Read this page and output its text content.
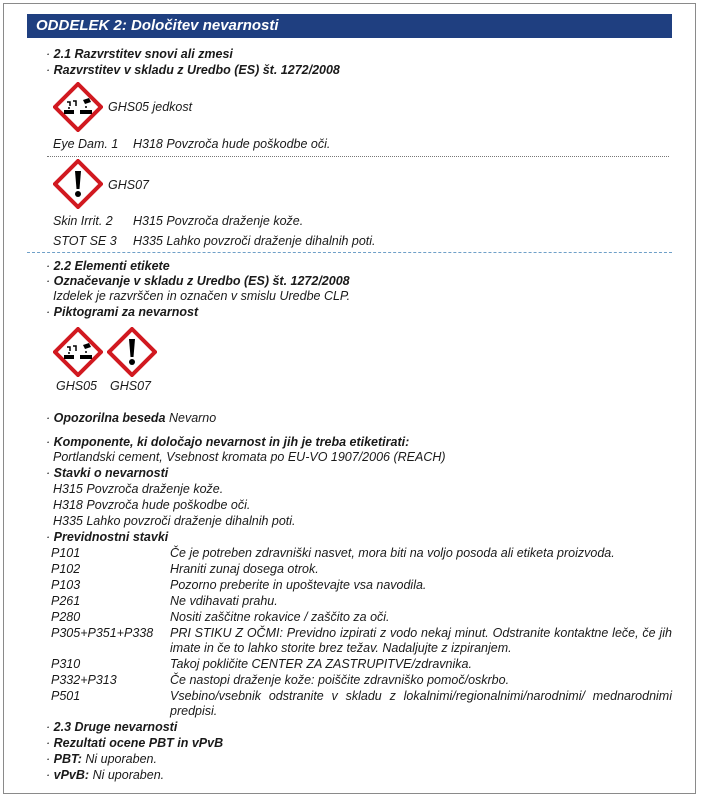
ODDELEK 2: Določitev nevarnosti
· 2.1 Razvrstitev snovi ali zmesi
· Razvrstitev v skladu z Uredbo (ES) št. 1272/2008
GHS05 jedkost
Eye Dam. 1 H318 Povzroča hude poškodbe oči.
GHS07
Skin Irrit. 2 H315 Povzroča draženje kože.
STOT SE 3 H335 Lahko povzroči draženje dihalnih poti.
· 2.2 Elementi etikete
· Označevanje v skladu z Uredbo (ES) št. 1272/2008
Izdelek je razvrščen in označen v smislu Uredbe CLP.
· Piktogrami za nevarnost
GHS05 GHS07
· Opozorilna beseda Nevarno
· Komponente, ki določajo nevarnost in jih je treba etiketirati:
Portlandski cement, Vsebnost kromata po EU-VO 1907/2006 (REACH)
· Stavki o nevarnosti
H315 Povzroča draženje kože.
H318 Povzroča hude poškodbe oči.
H335 Lahko povzroči draženje dihalnih poti.
· Previdnostni stavki
P101	Če je potreben zdravniški nasvet, mora biti na voljo posoda ali etiketa proizvoda.
P102	Hraniti zunaj dosega otrok.
P103	Pozorno preberite in upoštevajte vsa navodila.
P261	Ne vdihavati prahu.
P280	Nositi zaščitne rokavice / zaščito za oči.
P305+P351+P338 PRI STIKU Z OČMI: Previdno izpirati z vodo nekaj minut. Odstranite kontaktne leče, če jih imate in če to lahko storite brez težav. Nadaljujte z izpiranjem.
P310	Takoj pokličite CENTER ZA ZASTRUPITVE/zdravnika.
P332+P313	Če nastopi draženje kože: poiščite zdravniško pomoč/oskrbo.
P501	Vsebino/vsebnik odstranite v skladu z lokalnimi/regionalnimi/narodnimi/ mednarodnimi predpisi.
· 2.3 Druge nevarnosti
· Rezultati ocene PBT in vPvB
· PBT: Ni uporaben.
· vPvB: Ni uporaben.
